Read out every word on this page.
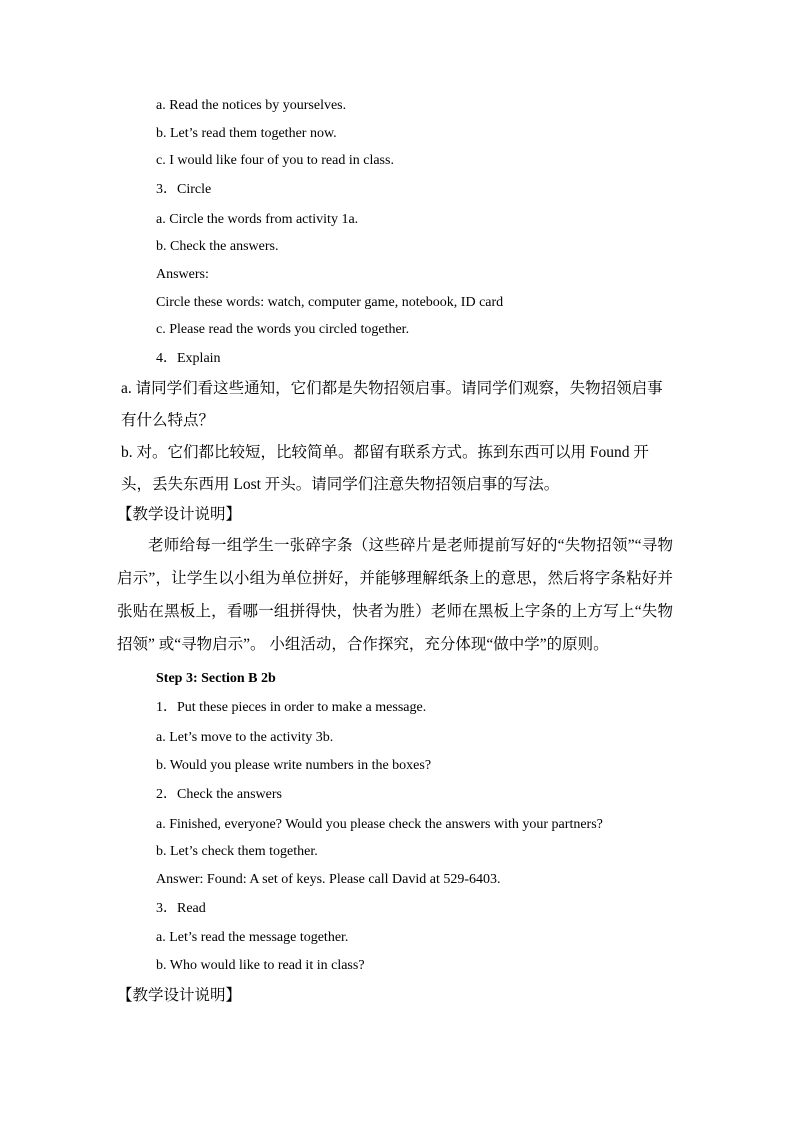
a. Read the notices by yourselves.
b. Let’s read them together now.
c. I would like four of you to read in class.
3．Circle
a. Circle the words from activity 1a.
b. Check the answers.
Answers:
Circle these words: watch, computer game, notebook, ID card
c. Please read the words you circled together.
4．Explain
a. 请同学们看这些通知，它们都是失物招领启事。请同学们观察，失物招领启事有什么特点？
b. 对。它们都比较短，比较简单。都留有联系方式。拣到东西可以用 Found 开头，丢失东西用 Lost 开头。请同学们注意失物招领启事的写法。
【教学设计说明】
老师给每一组学生一张碎字条（这些碎片是老师提前写好的“失物招领”“寻物启示”，让学生以小组为单位拼好，并能够理解纸条上的意思，然后将字条粘好并张贴在黑板上，看哪一组拼得快，快者为胜）老师在黑板上字条的上方写上“失物招领” 或“寻物启示”。 小组活动，合作探究，充分体现“做中学”的原则。
Step 3: Section B 2b
1．Put these pieces in order to make a message.
a. Let’s move to the activity 3b.
b. Would you please write numbers in the boxes?
2．Check the answers
a. Finished, everyone? Would you please check the answers with your partners?
b. Let’s check them together.
Answer: Found: A set of keys. Please call David at 529-6403.
3．Read
a. Let’s read the message together.
b. Who would like to read it in class?
【教学设计说明】
